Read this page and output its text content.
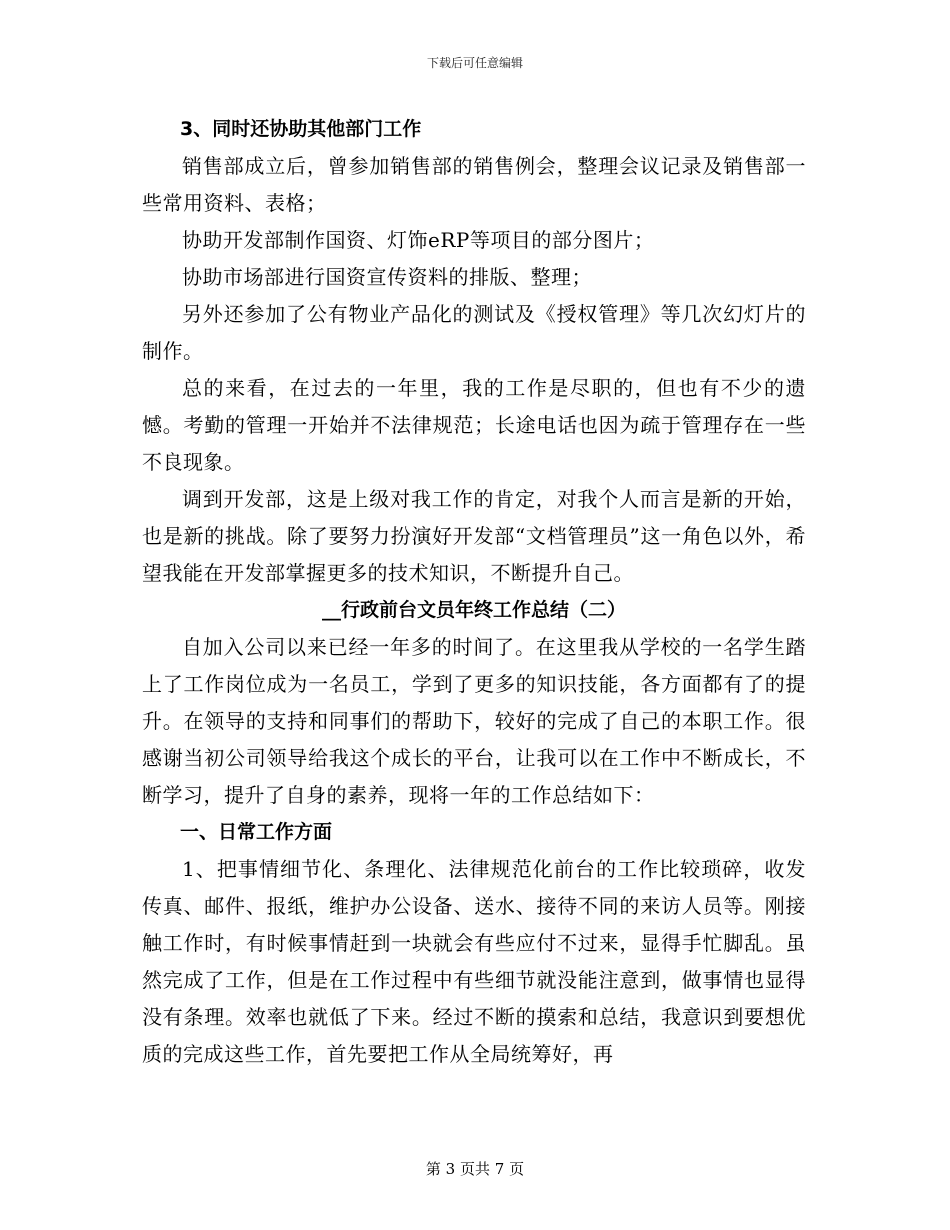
下载后可任意编辑

3、同时还协助其他部门工作

销售部成立后，曾参加销售部的销售例会，整理会议记录及销售部一些常用资料、表格；

协助开发部制作国资、灯饰eRP等项目的部分图片；

协助市场部进行国资宣传资料的排版、整理；

另外还参加了公有物业产品化的测试及《授权管理》等几次幻灯片的制作。

总的来看，在过去的一年里，我的工作是尽职的，但也有不少的遗憾。考勤的管理一开始并不法律规范；长途电话也因为疏于管理存在一些不良现象。

调到开发部，这是上级对我工作的肯定，对我个人而言是新的开始，也是新的挑战。除了要努力扮演好开发部“文档管理员”这一角色以外，希望我能在开发部掌握更多的技术知识，不断提升自己。

__行政前台文员年终工作总结（二）

自加入公司以来已经一年多的时间了。在这里我从学校的一名学生踏上了工作岗位成为一名员工，学到了更多的知识技能，各方面都有了的提升。在领导的支持和同事们的帮助下，较好的完成了自己的本职工作。很感谢当初公司领导给我这个成长的平台，让我可以在工作中不断成长，不断学习，提升了自身的素养，现将一年的工作总结如下：

一、日常工作方面

1、把事情细节化、条理化、法律规范化前台的工作比较琐碎，收发传真、邮件、报纸，维护办公设备、送水、接待不同的来访人员等。刚接触工作时，有时候事情赶到一块就会有些应付不过来，显得手忙脚乱。虽然完成了工作，但是在工作过程中有些细节就没能注意到，做事情也显得没有条理。效率也就低了下来。经过不断的摸索和总结，我意识到要想优质的完成这些工作，首先要把工作从全局统筹好，再

第 3 页共 7 页
